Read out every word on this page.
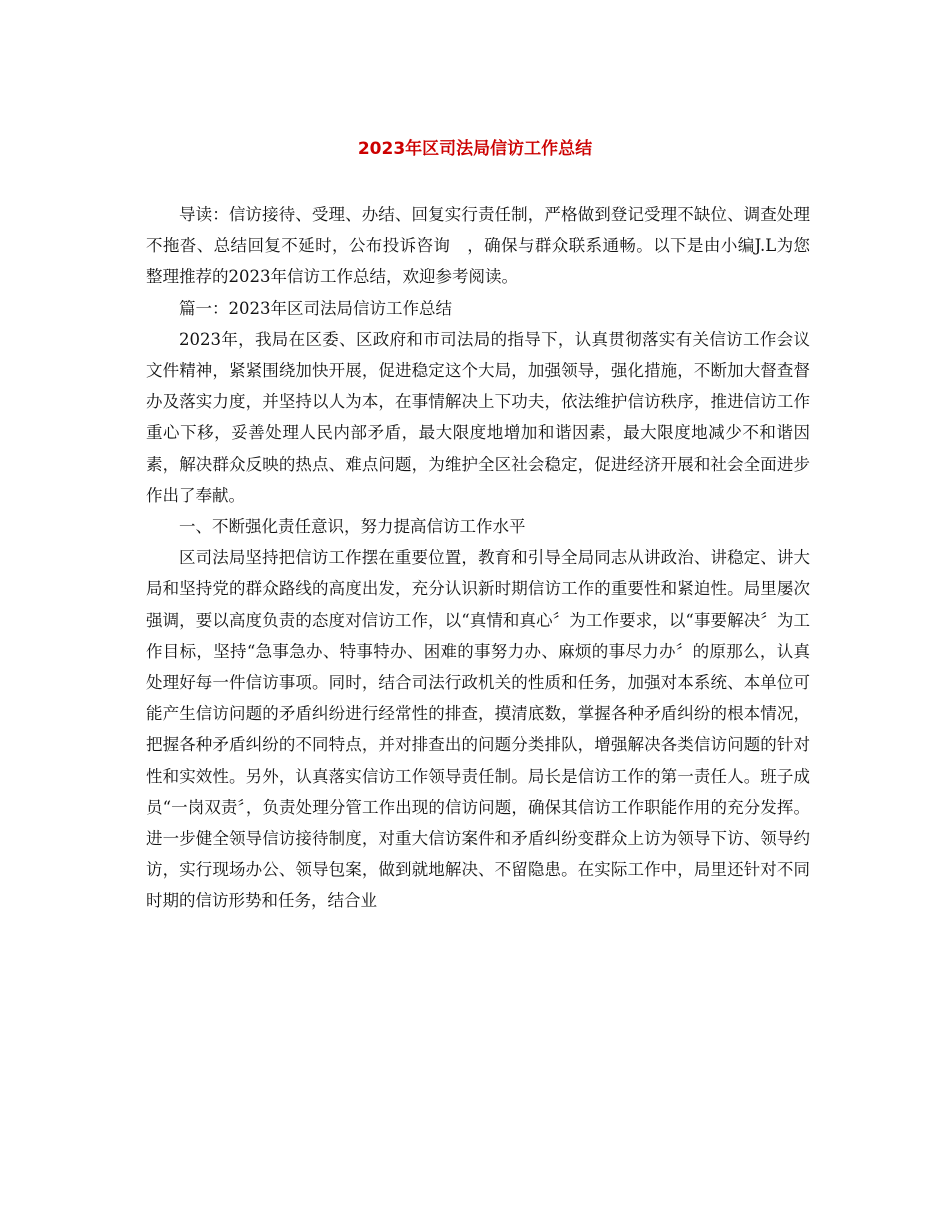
2023年区司法局信访工作总结

导读：信访接待、受理、办结、回复实行责任制，严格做到登记受理不缺位、调查处理不拖沓、总结回复不延时，公布投诉咨询　，确保与群众联系通畅。以下是由小编J.L为您整理推荐的2023年信访工作总结，欢迎参考阅读。

篇一：2023年区司法局信访工作总结

2023年，我局在区委、区政府和市司法局的指导下，认真贯彻落实有关信访工作会议文件精神，紧紧围绕加快开展，促进稳定这个大局，加强领导，强化措施，不断加大督查督办及落实力度，并坚持以人为本，在事情解决上下功夫，依法维护信访秩序，推进信访工作重心下移，妥善处理人民内部矛盾，最大限度地增加和谐因素，最大限度地减少不和谐因素，解决群众反映的热点、难点问题，为维护全区社会稳定，促进经济开展和社会全面进步作出了奉献。

一、不断强化责任意识，努力提高信访工作水平

区司法局坚持把信访工作摆在重要位置，教育和引导全局同志从讲政治、讲稳定、讲大局和坚持党的群众路线的高度出发，充分认识新时期信访工作的重要性和紧迫性。局里屡次强调，要以高度负责的态度对信访工作，以“真情和真心〞为工作要求，以“事要解决〞为工作目标，坚持“急事急办、特事特办、困难的事努力办、麻烦的事尽力办〞的原那么，认真处理好每一件信访事项。同时，结合司法行政机关的性质和任务，加强对本系统、本单位可能产生信访问题的矛盾纠纷进行经常性的排查，摸清底数，掌握各种矛盾纠纷的根本情况，把握各种矛盾纠纷的不同特点，并对排查出的问题分类排队，增强解决各类信访问题的针对性和实效性。另外，认真落实信访工作领导责任制。局长是信访工作的第一责任人。班子成员“一岗双责〞，负责处理分管工作出现的信访问题，确保其信访工作职能作用的充分发挥。进一步健全领导信访接待制度，对重大信访案件和矛盾纠纷变群众上访为领导下访、领导约访，实行现场办公、领导包案，做到就地解决、不留隐患。在实际工作中，局里还针对不同时期的信访形势和任务，结合业
